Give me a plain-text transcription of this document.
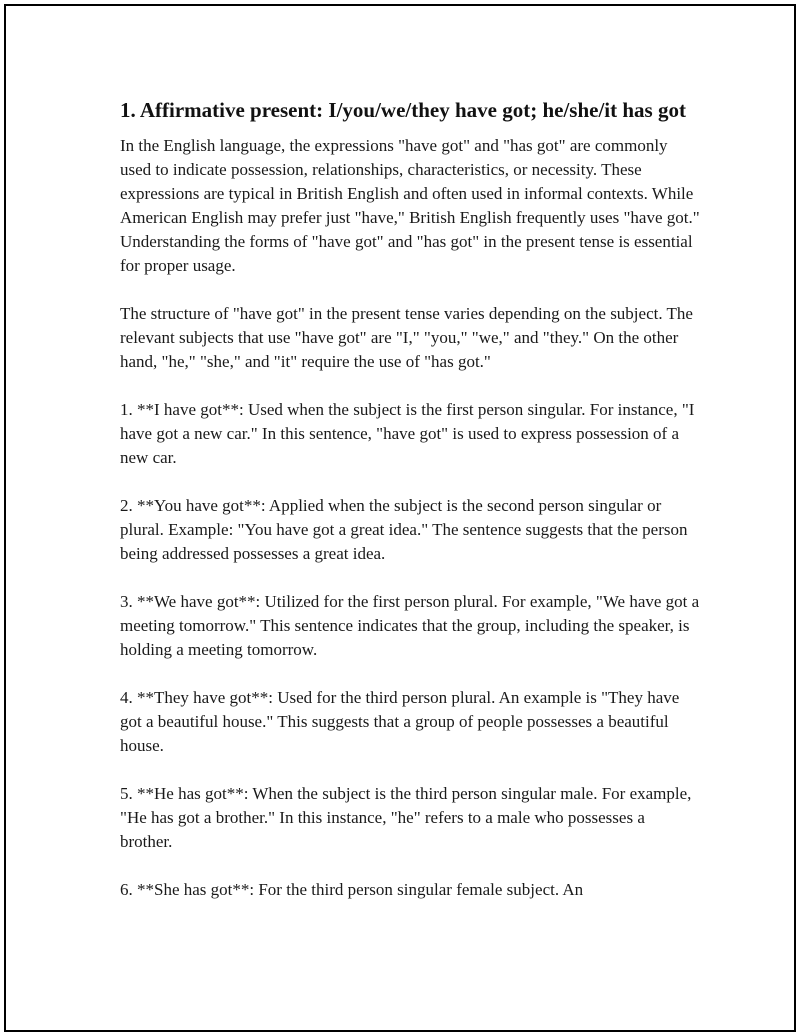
1. Affirmative present: I/you/we/they have got; he/she/it has got

In the English language, the expressions "have got" and "has got" are commonly used to indicate possession, relationships, characteristics, or necessity. These expressions are typical in British English and often used in informal contexts. While American English may prefer just "have," British English frequently uses "have got." Understanding the forms of "have got" and "has got" in the present tense is essential for proper usage.

The structure of "have got" in the present tense varies depending on the subject. The relevant subjects that use "have got" are "I," "you," "we," and "they." On the other hand, "he," "she," and "it" require the use of "has got."

1. **I have got**: Used when the subject is the first person singular. For instance, "I have got a new car." In this sentence, "have got" is used to express possession of a new car.

2. **You have got**: Applied when the subject is the second person singular or plural. Example: "You have got a great idea." The sentence suggests that the person being addressed possesses a great idea.

3. **We have got**: Utilized for the first person plural. For example, "We have got a meeting tomorrow." This sentence indicates that the group, including the speaker, is holding a meeting tomorrow.

4. **They have got**: Used for the third person plural. An example is "They have got a beautiful house." This suggests that a group of people possesses a beautiful house.

5. **He has got**: When the subject is the third person singular male. For example, "He has got a brother." In this instance, "he" refers to a male who possesses a brother.

6. **She has got**: For the third person singular female subject. An
